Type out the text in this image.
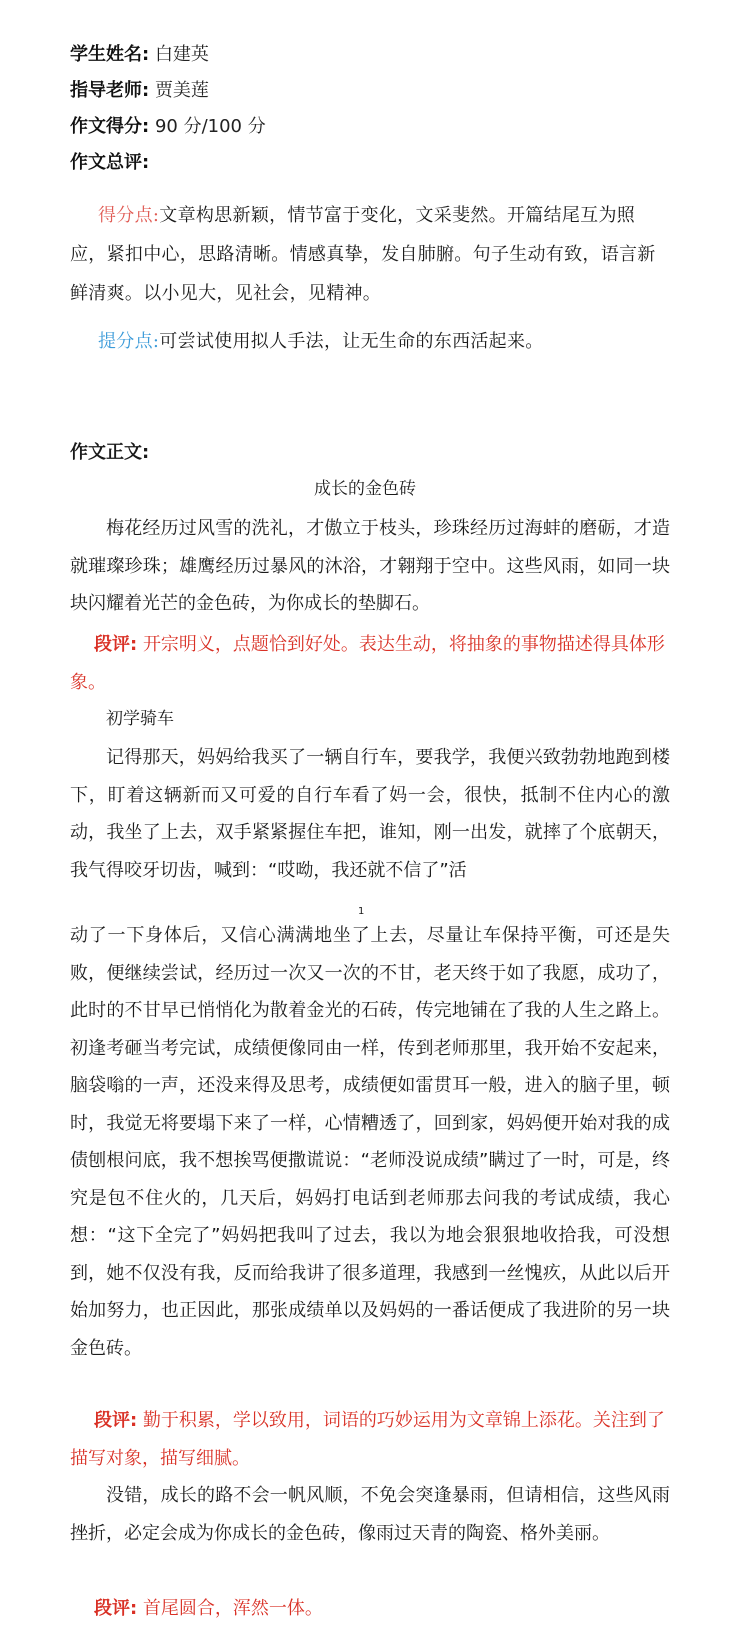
学生姓名: 白建英
指导老师: 贾美莲
作文得分: 90 分/100 分
作文总评:
得分点:文章构思新颖，情节富于变化，文采斐然。开篇结尾互为照应，紧扣中心，思路清晰。情感真挚，发自肺腑。句子生动有致，语言新鲜清爽。以小见大，见社会，见精神。
提分点:可尝试使用拟人手法，让无生命的东西活起来。
作文正文:
成长的金色砖
梅花经历过风雪的洗礼，才傲立于枝头，珍珠经历过海蚌的磨砺，才造就璀璨珍珠；雄鹰经历过暴风的沐浴，才翱翔于空中。这些风雨，如同一块块闪耀着光芒的金色砖，为你成长的垫脚石。
段评: 开宗明义，点题恰到好处。表达生动，将抽象的事物描述得具体形象。
初学骑车
记得那天，妈妈给我买了一辆自行车，要我学，我便兴致勃勃地跑到楼下，盯着这辆新而又可爱的自行车看了妈一会，很快，抵制不住内心的激动，我坐了上去，双手紧紧握住车把，谁知，刚一出发，就摔了个底朝天，我气得咬牙切齿，喊到：“哎呦，我还就不信了”活
1
动了一下身体后，又信心满满地坐了上去，尽量让车保持平衡，可还是失败，便继续尝试，经历过一次又一次的不甘，老天终于如了我愿，成功了，此时的不甘早已悄悄化为散着金光的石砖，传完地铺在了我的人生之路上。初逢考砸当考完试，成绩便像同由一样，传到老师那里，我开始不安起来，脑袋嗡的一声，还没来得及思考，成绩便如雷贯耳一般，进入的脑子里，顿时，我觉无将要塌下来了一样，心情糟透了，回到家，妈妈便开始对我的成债刨根问底，我不想挨骂便撒谎说：“老师没说成绩”瞒过了一时，可是，终究是包不住火的，几天后，妈妈打电话到老师那去问我的考试成绩，我心想：“这下全完了”妈妈把我叫了过去，我以为地会狠狠地收拾我，可没想到，她不仅没有我，反而给我讲了很多道理，我感到一丝愧疚，从此以后开始加努力，也正因此，那张成绩单以及妈妈的一番话便成了我进阶的另一块金色砖。
段评: 勤于积累，学以致用，词语的巧妙运用为文章锦上添花。关注到了描写对象，描写细腻。
没错，成长的路不会一帆风顺，不免会突逢暴雨，但请相信，这些风雨挫折，必定会成为你成长的金色砖，像雨过天青的陶瓷、格外美丽。
段评: 首尾圆合，浑然一体。
